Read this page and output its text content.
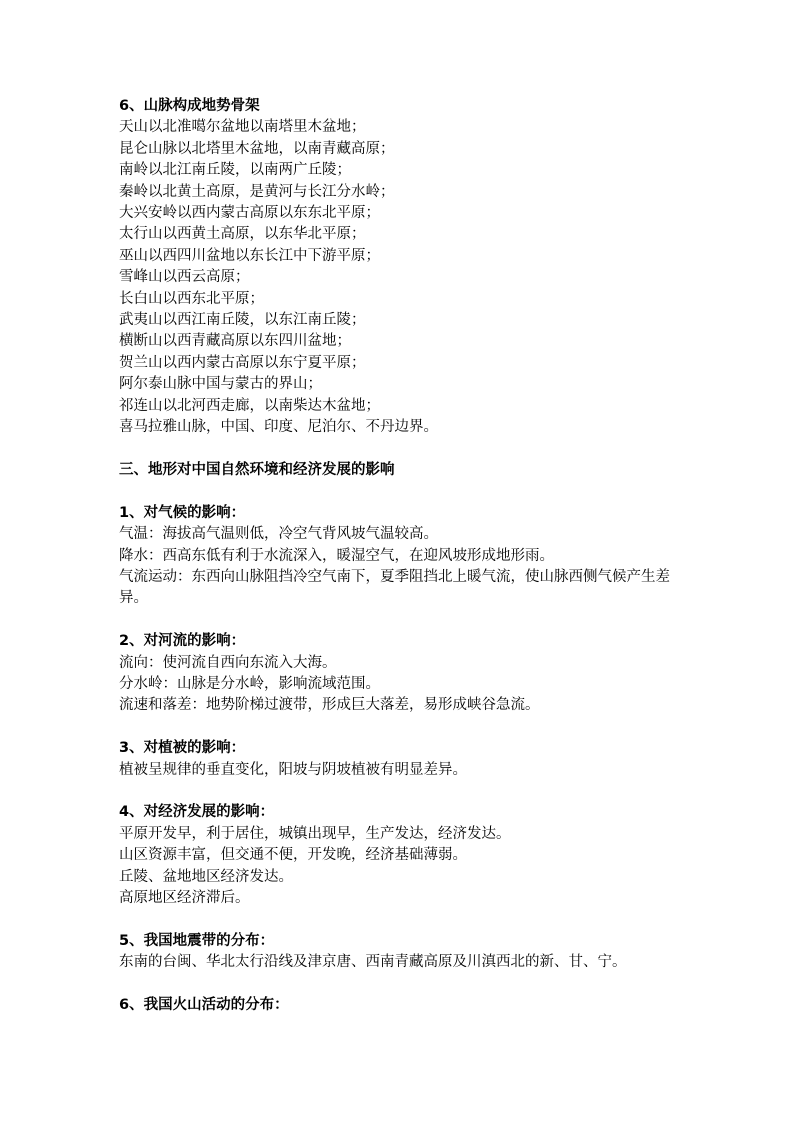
6、山脉构成地势骨架

天山以北准噶尔盆地以南塔里木盆地；

昆仑山脉以北塔里木盆地，以南青藏高原；

南岭以北江南丘陵，以南两广丘陵；

秦岭以北黄土高原，是黄河与长江分水岭；

大兴安岭以西内蒙古高原以东东北平原；

太行山以西黄土高原，以东华北平原；

巫山以西四川盆地以东长江中下游平原；

雪峰山以西云高原；

长白山以西东北平原；

武夷山以西江南丘陵，以东江南丘陵；

横断山以西青藏高原以东四川盆地；

贺兰山以西内蒙古高原以东宁夏平原；

阿尔泰山脉中国与蒙古的界山；

祁连山以北河西走廊，以南柴达木盆地；

喜马拉雅山脉，中国、印度、尼泊尔、不丹边界。

三、地形对中国自然环境和经济发展的影响

1、对气候的影响：

气温：海拔高气温则低，冷空气背风坡气温较高。

降水：西高东低有利于水流深入，暖湿空气，在迎风坡形成地形雨。

气流运动：东西向山脉阻挡冷空气南下，夏季阻挡北上暖气流，使山脉西侧气候产生差异。

2、对河流的影响：

流向：使河流自西向东流入大海。

分水岭：山脉是分水岭，影响流域范围。

流速和落差：地势阶梯过渡带，形成巨大落差，易形成峡谷急流。

3、对植被的影响：

植被呈规律的垂直变化，阳坡与阴坡植被有明显差异。

4、对经济发展的影响：

平原开发早，利于居住，城镇出现早，生产发达，经济发达。

山区资源丰富，但交通不便，开发晚，经济基础薄弱。

丘陵、盆地地区经济发达。

高原地区经济滞后。

5、我国地震带的分布：

东南的台闽、华北太行沿线及津京唐、西南青藏高原及川滇西北的新、甘、宁。

6、我国火山活动的分布：
